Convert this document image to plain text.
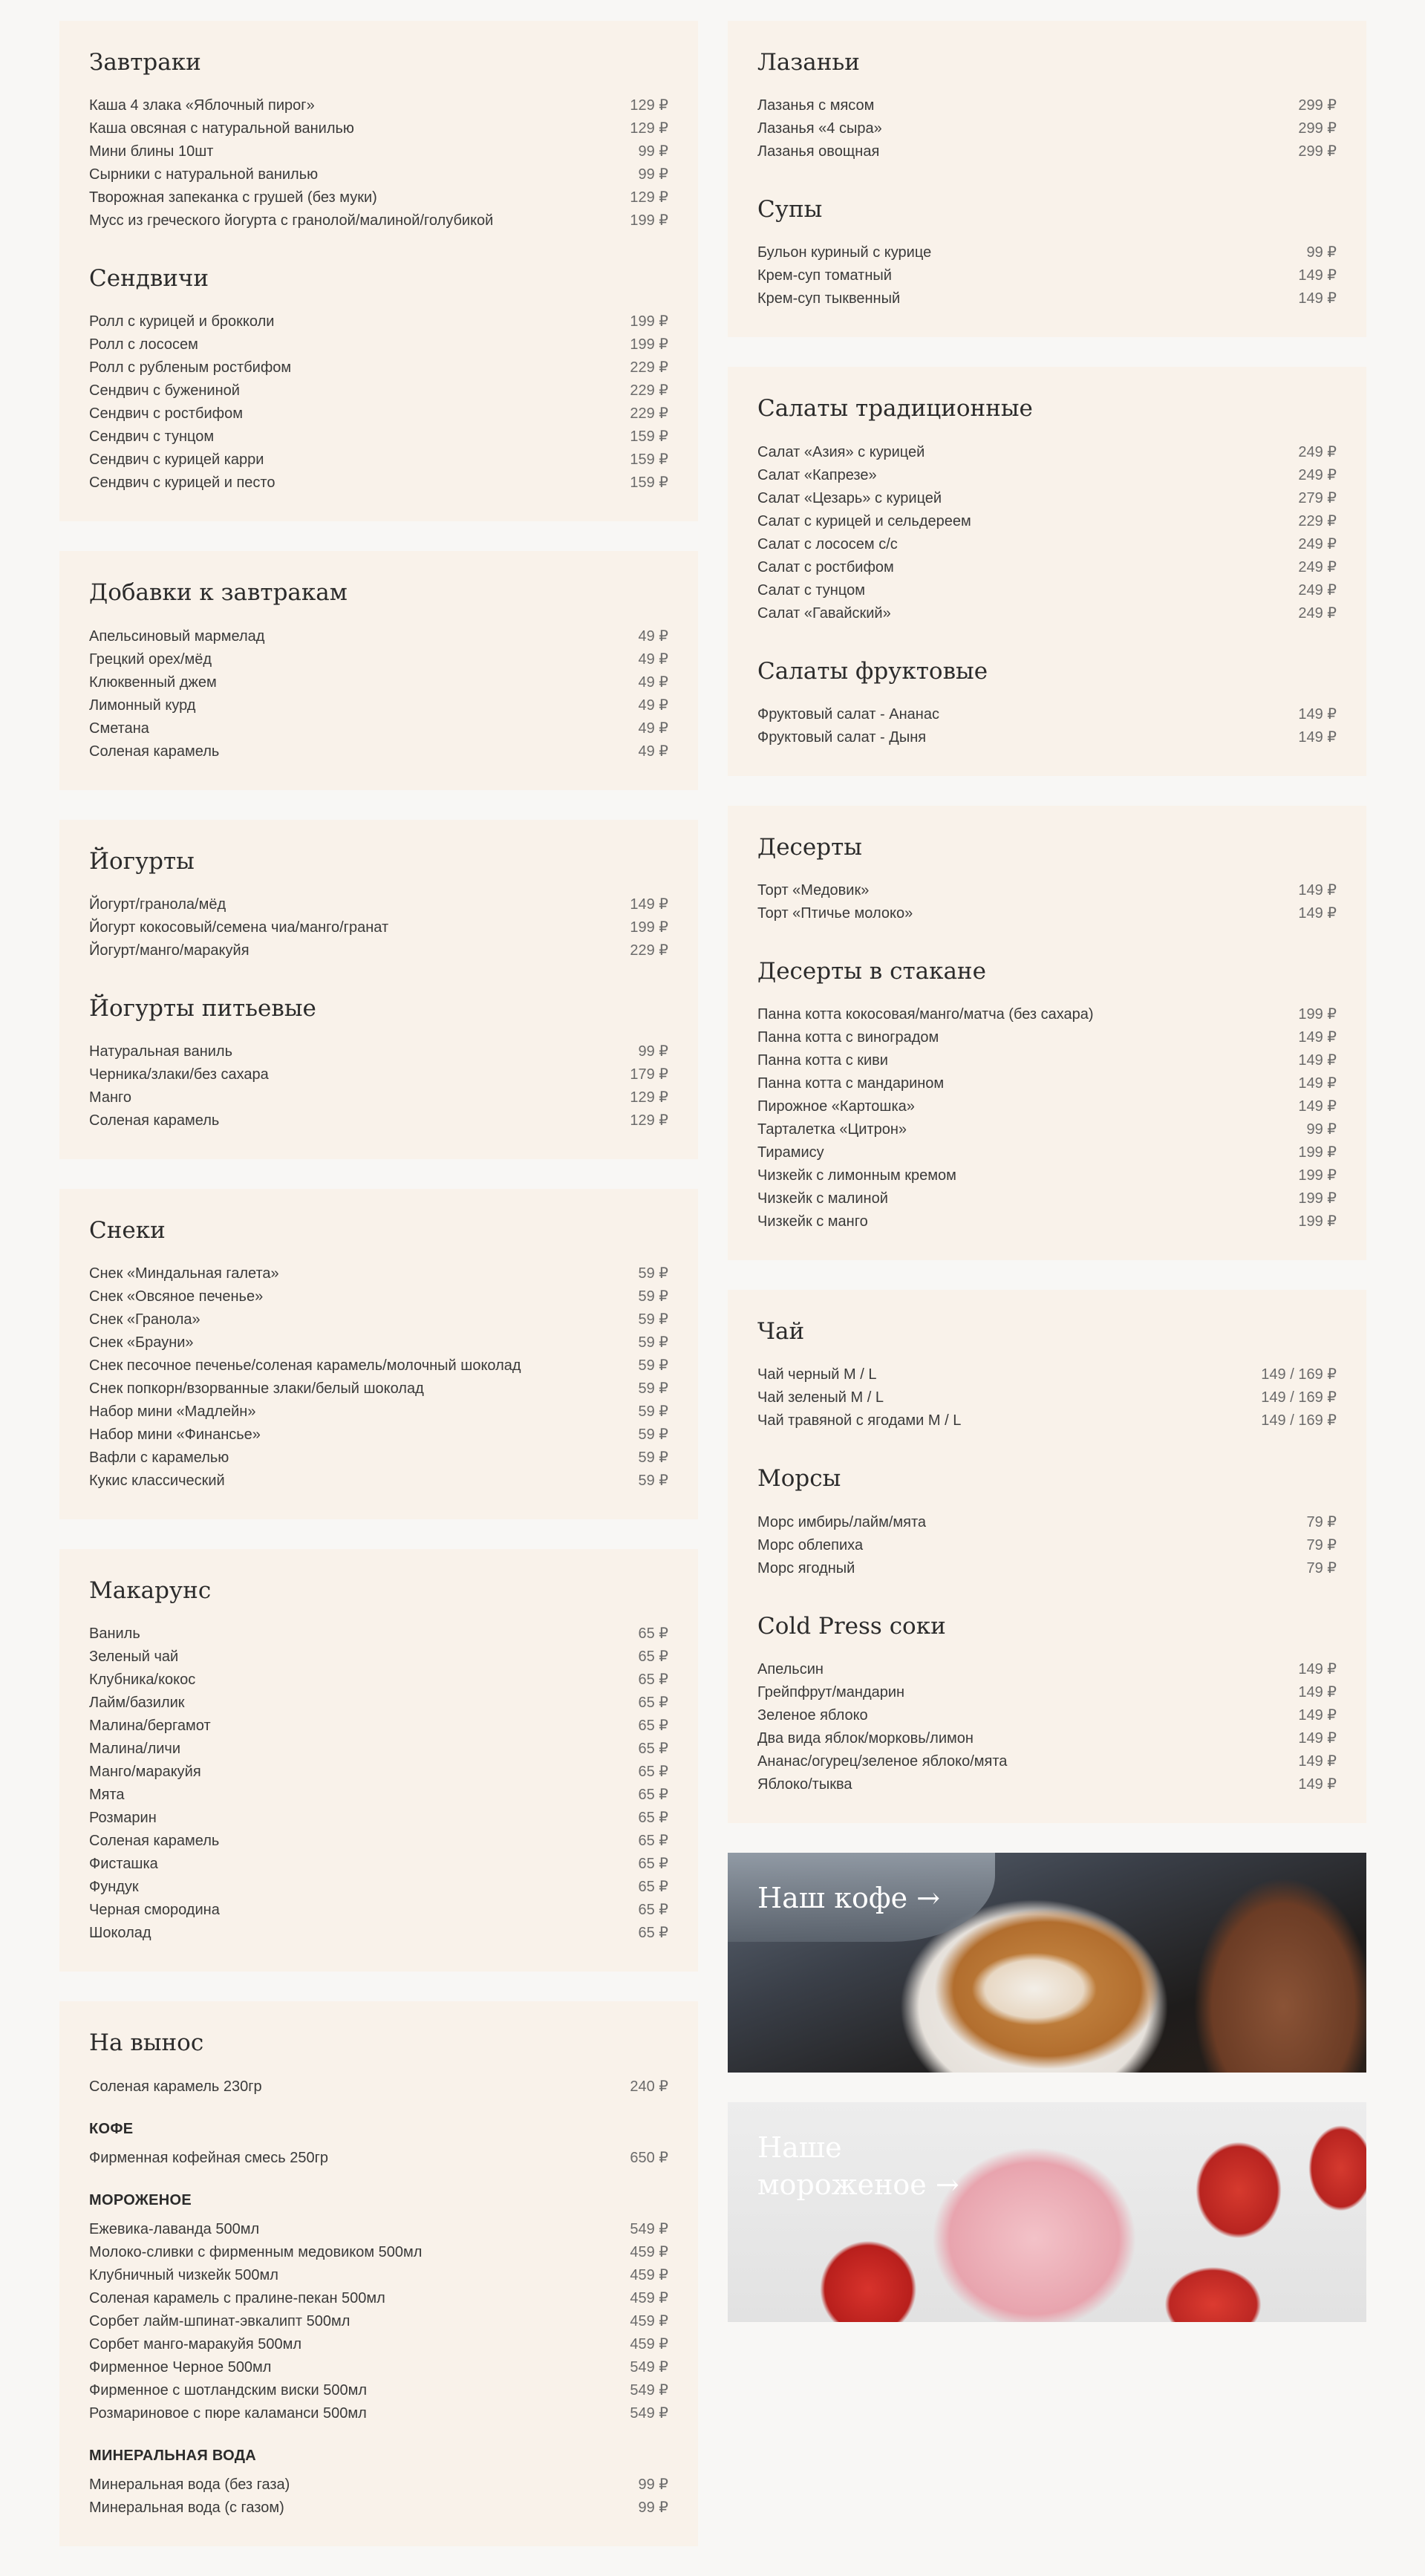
Завтраки
Каша 4 злака «Яблочный пирог»	129 ₽
Каша овсяная с натуральной ванилью	129 ₽
Мини блины 10шт	99 ₽
Сырники с натуральной ванилью	99 ₽
Творожная запеканка с грушей (без муки)	129 ₽
Мусс из греческого йогурта с гранолой/малиной/голубикой	199 ₽
Сендвичи
Ролл с курицей и брокколи	199 ₽
Ролл с лососем	199 ₽
Ролл с рубленым ростбифом	229 ₽
Сендвич с бужениной	229 ₽
Сендвич с ростбифом	229 ₽
Сендвич с тунцом	159 ₽
Сендвич с курицей карри	159 ₽
Сендвич с курицей и песто	159 ₽
Добавки к завтракам
Апельсиновый мармелад	49 ₽
Грецкий орех/мёд	49 ₽
Клюквенный джем	49 ₽
Лимонный курд	49 ₽
Сметана	49 ₽
Соленая карамель	49 ₽
Йогурты
Йогурт/гранола/мёд	149 ₽
Йогурт кокосовый/семена чиа/манго/гранат	199 ₽
Йогурт/манго/маракуйя	229 ₽
Йогурты питьевые
Натуральная ваниль	99 ₽
Черника/злаки/без сахара	179 ₽
Манго	129 ₽
Соленая карамель	129 ₽
Снеки
Снек «Миндальная галета»	59 ₽
Снек «Овсяное печенье»	59 ₽
Снек «Гранола»	59 ₽
Снек «Брауни»	59 ₽
Снек песочное печенье/соленая карамель/молочный шоколад	59 ₽
Снек попкорн/взорванные злаки/белый шоколад	59 ₽
Набор мини «Мадлейн»	59 ₽
Набор мини «Финансье»	59 ₽
Вафли с карамелью	59 ₽
Кукис классический	59 ₽
Макарунс
Ваниль	65 ₽
Зеленый чай	65 ₽
Клубника/кокос	65 ₽
Лайм/базилик	65 ₽
Малина/бергамот	65 ₽
Малина/личи	65 ₽
Манго/маракуйя	65 ₽
Мята	65 ₽
Розмарин	65 ₽
Соленая карамель	65 ₽
Фисташка	65 ₽
Фундук	65 ₽
Черная смородина	65 ₽
Шоколад	65 ₽
На вынос
Соленая карамель 230гр	240 ₽
КОФЕ
Фирменная кофейная смесь 250гр	650 ₽
МОРОЖЕНОЕ
Ежевика-лаванда 500мл	549 ₽
Молоко-сливки с фирменным медовиком 500мл	459 ₽
Клубничный чизкейк 500мл	459 ₽
Соленая карамель с пралине-пекан 500мл	459 ₽
Сорбет лайм-шпинат-эвкалипт 500мл	459 ₽
Сорбет манго-маракуйя 500мл	459 ₽
Фирменное Черное 500мл	549 ₽
Фирменное с шотландским виски 500мл	549 ₽
Розмариновое с пюре каламанси 500мл	549 ₽
МИНЕРАЛЬНАЯ ВОДА
Минеральная вода (без газа)	99 ₽
Минеральная вода (с газом)	99 ₽
Лазаньи
Лазанья с мясом	299 ₽
Лазанья «4 сыра»	299 ₽
Лазанья овощная	299 ₽
Супы
Бульон куриный с курице	99 ₽
Крем-суп томатный	149 ₽
Крем-суп тыквенный	149 ₽
Салаты традиционные
Салат «Азия» с курицей	249 ₽
Салат «Капрезе»	249 ₽
Салат «Цезарь» с курицей	279 ₽
Салат с курицей и сельдереем	229 ₽
Салат с лососем с/с	249 ₽
Салат с ростбифом	249 ₽
Салат с тунцом	249 ₽
Салат «Гавайский»	249 ₽
Салаты фруктовые
Фруктовый салат - Ананас	149 ₽
Фруктовый салат - Дыня	149 ₽
Десерты
Торт «Медовик»	149 ₽
Торт «Птичье молоко»	149 ₽
Десерты в стакане
Панна котта кокосовая/манго/матча (без сахара)	199 ₽
Панна котта с виноградом	149 ₽
Панна котта с киви	149 ₽
Панна котта с мандарином	149 ₽
Пирожное «Картошка»	149 ₽
Тарталетка «Цитрон»	99 ₽
Тирамису	199 ₽
Чизкейк с лимонным кремом	199 ₽
Чизкейк с малиной	199 ₽
Чизкейк с манго	199 ₽
Чай
Чай черный M / L	149 / 169 ₽
Чай зеленый M / L	149 / 169 ₽
Чай травяной с ягодами M / L	149 / 169 ₽
Морсы
Морс имбирь/лайм/мята	79 ₽
Морс облепиха	79 ₽
Морс ягодный	79 ₽
Cold Press соки
Апельсин	149 ₽
Грейпфрут/мандарин	149 ₽
Зеленое яблоко	149 ₽
Два вида яблок/морковь/лимон	149 ₽
Ананас/огурец/зеленое яблоко/мята	149 ₽
Яблоко/тыква	149 ₽
Наш кофе →
Наше мороженое →
